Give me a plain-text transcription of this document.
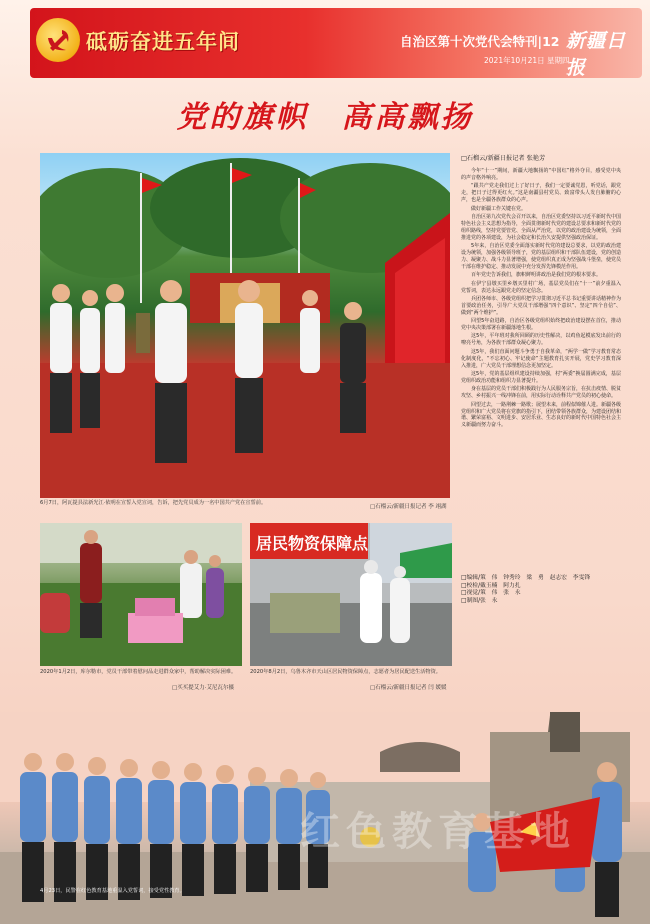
砥砺奋进五年间	自治区第十次党代会特刊|12 新疆日报
2021年10月21日 星期四
党的旗帜　高高飘扬
6月7日，阿瓦提县法新光江·依明在宣誓入党宣词，告诉，把先党员成为一名中国共产党在宣誓前。
□石榴云/新疆日报记者 李 翊湖
2020年1月2日，库尔勒市，党员干部带着慰问品走进群众家中，帮助解决实际困难。
□买买提艾力·艾尼瓦尔摄
居民物资保障点
2020年8月2日，乌鲁木齐市天山区居民物资保障点，志愿者为居民配送生活物资。
□石榴云/新疆日报记者 闫 媛媛
红色教育基地
4月23日，民警在红色教育基地重温入党誓词，接受党性教育。
□石榴云/新疆日报记者 张艳芳

今年“十一”期间，新疆大地飘扬的“中国红”格外夺目，感受党中央的声音格外响亮。

“跟共产党走我们过上了好日子，我们一定要诚党恩，听党话，跟党走，把日子过得更红火。”这是南疆县村党员、致富带头人发自肺腑的心声，也是全疆各族群众的心声。

做好新疆工作关键在党。

自治区第九次党代会召开以来，自治区党委坚持以习近平新时代中国特色社会主义思想为指导，全面贯彻新时代党的建设总要求和新时代党的组织路线，坚持党要管党、全面从严治党，以党的政治建设为统领，全面推进党的各项建设，为社会稳定和长治久安提供坚强政治保证。

5年来，自治区党委全面落实新时代党的建设总要求，以党的政治建设为统领，加强各级领导班子，党的基层组织和干部队伍建设，党的创造力、凝聚力、战斗力显著增强，使党组织真正成为坚强战斗堡垒，使党员干部在维护稳定、推动发展中充分发挥先锋模范作用。

百年党史告诉我们，旗帜鲜明讲政治是我们党的根本要求。

在伊宁县墩买里乡墩买里村广场，基层党员们在“十一”前夕重温入党誓词，表达永远跟党走的坚定信念。

兵团各师市、各级党组织把学习贯彻习近平总书记重要讲话精神作为首要政治任务，引导广大党员干部增强“四个意识”、坚定“四个自信”、做到“两个维护”。

回望5年奋进路，自治区各级党组织始终把政治建设摆在首位，推动党中央决策部署在新疆落地生根。

这5年，平年班对我所回顾的历史性解决，以鸡鱼起模底发出前行的嘹亮号角，为各族干部群众凝心聚力。

这5年，我们直面问题斗争勇于自我革命，“两学一做”学习教育常态化制度化，“不忘初心、牢记使命”主题教育扎实开展，党史学习教育深入推进，广大党员干部理想信念更加坚定。

这5年，党的基层组织建设持续加强，村“两委”换届圆满完成，基层党组织政治功能和组织力显著提升。

身在基层的党员干部们积极践行为人民服务宗旨，在抗击疫情、脱贫攻坚、乡村振兴一线冲锋在前，用实际行动诠释共产党员的初心使命。

回望过去，一路荆棘一路歌；展望未来，前程似锦催人进。新疆各级党组织和广大党员将在党旗的指引下，团结带领各族群众，为建设团结和谐、繁荣富裕、文明进步、安居乐业、生态良好的新时代中国特色社会主义新疆而努力奋斗。

□编辑/策　伟　钟秀玲　梁　勇　赵志宏　李雯锋
□校检/戴玉楠　阿力扎
□视觉/策　伟　张　永
□制图/张　永
